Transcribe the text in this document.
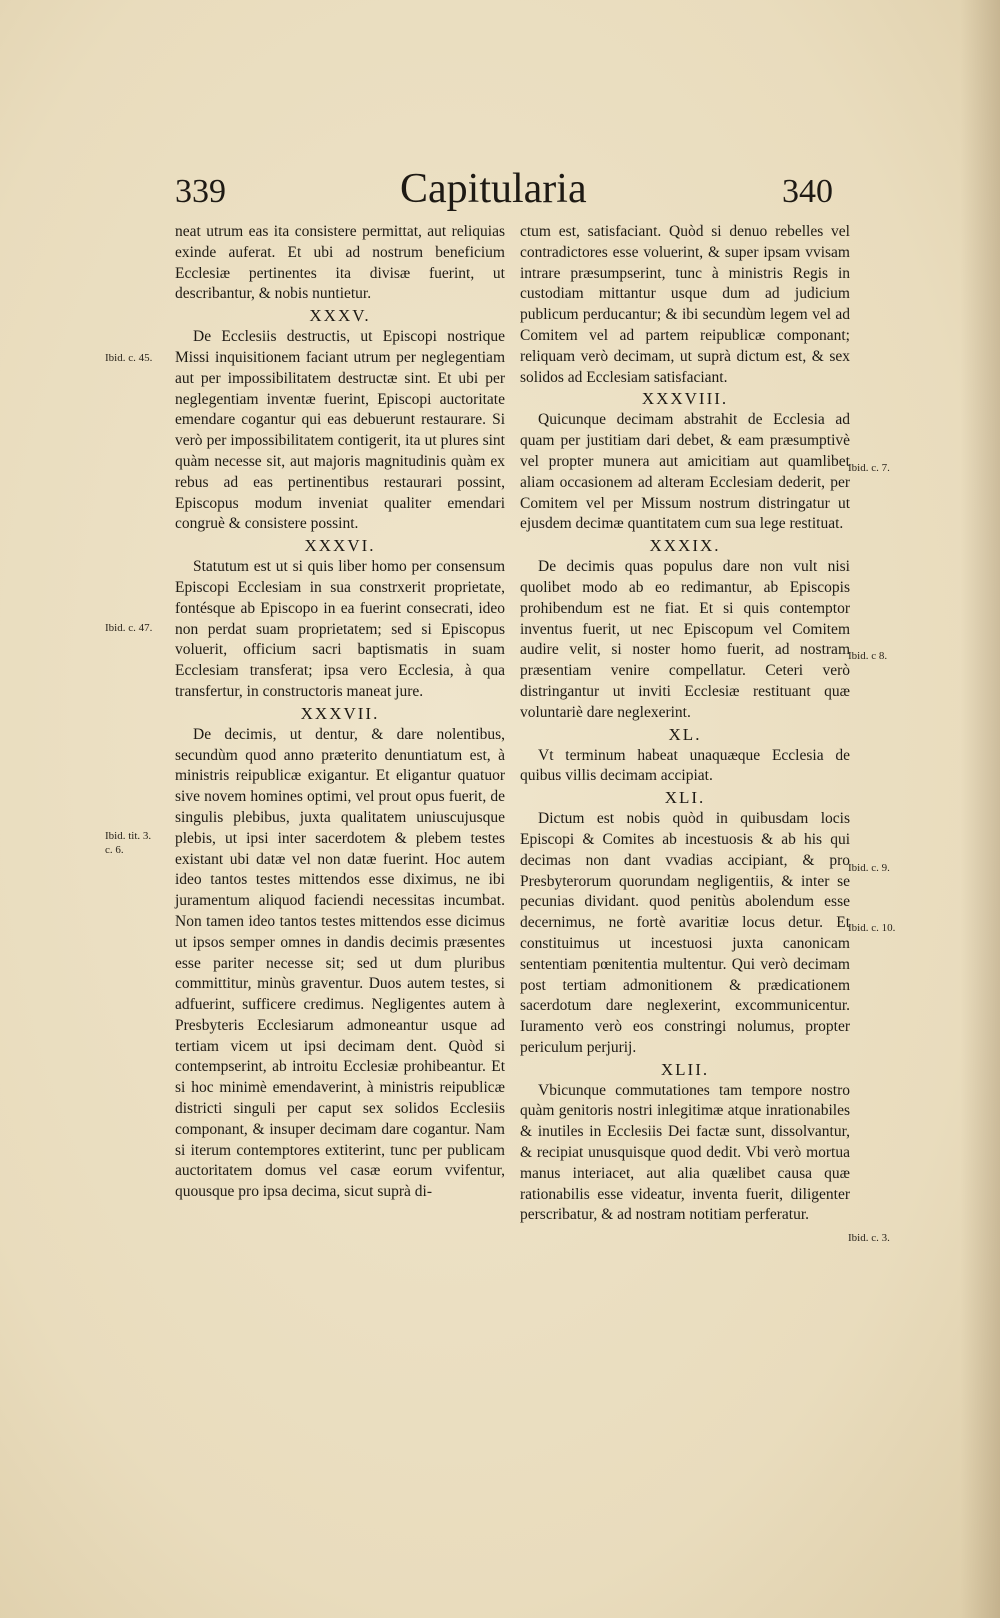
339	Capitularia	340

neat utrum eas ita consistere permittat, aut reliquias exinde auferat. Et ubi ad nostrum beneficium Ecclesiæ pertinentes ita divisæ fuerint, ut describantur, & nobis nuntietur.

XXXV.

De Ecclesiis destructis, ut Episcopi nostrique Missi inquisitionem faciant utrum per neglegentiam aut per impossibilitatem destructæ sint. Et ubi per neglegentiam inventæ fuerint, Episcopi auctoritate emendare cogantur qui eas debuerunt restaurare. Si verò per impossibilitatem contigerit, ita ut plures sint quàm necesse sit, aut majoris magnitudinis quàm ex rebus ad eas pertinentibus restaurari possint, Episcopus modum inveniat qualiter emendari congruè & consistere possint.

XXXVI.

Statutum est ut si quis liber homo per consensum Episcopi Ecclesiam in sua constrxerit proprietate, fontésque ab Episcopo in ea fuerint consecrati, ideo non perdat suam proprietatem; sed si Episcopus voluerit, officium sacri baptismatis in suam Ecclesiam transferat; ipsa vero Ecclesia, à qua transfertur, in constructoris maneat jure.

XXXVII.

De decimis, ut dentur, & dare nolentibus, secundùm quod anno præterito denuntiatum est, à ministris reipublicæ exigantur. Et eligantur quatuor sive novem homines optimi, vel prout opus fuerit, de singulis plebibus, juxta qualitatem uniuscujusque plebis, ut ipsi inter sacerdotem & plebem testes existant ubi datæ vel non datæ fuerint. Hoc autem ideo tantos testes mittendos esse diximus, ne ibi juramentum aliquod faciendi necessitas incumbat. Non tamen ideo tantos testes mittendos esse dicimus ut ipsos semper omnes in dandis decimis præsentes esse pariter necesse sit; sed ut dum pluribus committitur, minùs graventur. Duos autem testes, si adfuerint, sufficere credimus. Negligentes autem à Presbyteris Ecclesiarum admoneantur usque ad tertiam vicem ut ipsi decimam dent. Quòd si contempserint, ab introitu Ecclesiæ prohibeantur. Et si hoc minimè emendaverint, à ministris reipublicæ districti singuli per caput sex solidos Ecclesiis componant, & insuper decimam dare cogantur. Nam si iterum contemptores extiterint, tunc per publicam auctoritatem domus vel casæ eorum vvifentur, quousque pro ipsa decima, sicut suprà di-

ctum est, satisfaciant. Quòd si denuo rebelles vel contradictores esse voluerint, & super ipsam vvisam intrare præsumpserint, tunc à ministris Regis in custodiam mittantur usque dum ad judicium publicum perducantur; & ibi secundùm legem vel ad Comitem vel ad partem reipublicæ componant; reliquam verò decimam, ut suprà dictum est, & sex solidos ad Ecclesiam satisfaciant.

XXXVIII.

Quicunque decimam abstrahit de Ecclesia ad quam per justitiam dari debet, & eam præsumptivè vel propter munera aut amicitiam aut quamlibet aliam occasionem ad alteram Ecclesiam dederit, per Comitem vel per Missum nostrum distringatur ut ejusdem decimæ quantitatem cum sua lege restituat.

XXXIX.

De decimis quas populus dare non vult nisi quolibet modo ab eo redimantur, ab Episcopis prohibendum est ne fiat. Et si quis contemptor inventus fuerit, ut nec Episcopum vel Comitem audire velit, si noster homo fuerit, ad nostram præsentiam venire compellatur. Ceteri verò distringantur ut inviti Ecclesiæ restituant quæ voluntariè dare neglexerint.

XL.

Vt terminum habeat unaquæque Ecclesia de quibus villis decimam accipiat.

XLI.

Dictum est nobis quòd in quibusdam locis Episcopi & Comites ab incestuosis & ab his qui decimas non dant vvadias accipiant, & pro Presbyterorum quorundam negligentiis, & inter se pecunias dividant. quod penitùs abolendum esse decernimus, ne fortè avaritiæ locus detur. Et constituimus ut incestuosi juxta canonicam sententiam pœnitentia multentur. Qui verò decimam post tertiam admonitionem & prædicationem sacerdotum dare neglexerint, excommunicentur. Iuramento verò eos constringi nolumus, propter periculum perjurij.

XLII.

Vbicunque commutationes tam tempore nostro quàm genitoris nostri inlegitimæ atque inrationabiles & inutiles in Ecclesiis Dei factæ sunt, dissolvantur, & recipiat unusquisque quod dedit. Vbi verò mortua manus interiacet, aut alia quælibet causa quæ rationabilis esse videatur, inventa fuerit, diligenter perscribatur, & ad nostram notitiam perferatur.

Ibid. c. 45.
Ibid. c. 47.
Ibid. tit. 3.
c. 6.
Ibid. c. 7.
Ibid. c 8.
Ibid. c. 9.
Ibid. c. 10.
Ibid. c. 3.
